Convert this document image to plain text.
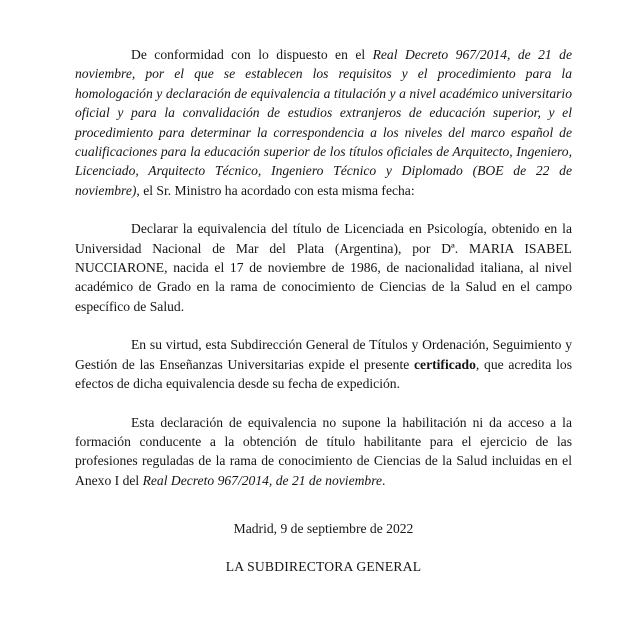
De conformidad con lo dispuesto en el Real Decreto 967/2014, de 21 de noviembre, por el que se establecen los requisitos y el procedimiento para la homologación y declaración de equivalencia a titulación y a nivel académico universitario oficial y para la convalidación de estudios extranjeros de educación superior, y el procedimiento para determinar la correspondencia a los niveles del marco español de cualificaciones para la educación superior de los títulos oficiales de Arquitecto, Ingeniero, Licenciado, Arquitecto Técnico, Ingeniero Técnico y Diplomado (BOE de 22 de noviembre), el Sr. Ministro ha acordado con esta misma fecha:

Declarar la equivalencia del título de Licenciada en Psicología, obtenido en la Universidad Nacional de Mar del Plata (Argentina), por Dª. MARIA ISABEL NUCCIARONE, nacida el 17 de noviembre de 1986, de nacionalidad italiana, al nivel académico de Grado en la rama de conocimiento de Ciencias de la Salud en el campo específico de Salud.

En su virtud, esta Subdirección General de Títulos y Ordenación, Seguimiento y Gestión de las Enseñanzas Universitarias expide el presente certificado, que acredita los efectos de dicha equivalencia desde su fecha de expedición.

Esta declaración de equivalencia no supone la habilitación ni da acceso a la formación conducente a la obtención de título habilitante para el ejercicio de las profesiones reguladas de la rama de conocimiento de Ciencias de la Salud incluidas en el Anexo I del Real Decreto 967/2014, de 21 de noviembre.

Madrid, 9 de septiembre de 2022

LA SUBDIRECTORA GENERAL
